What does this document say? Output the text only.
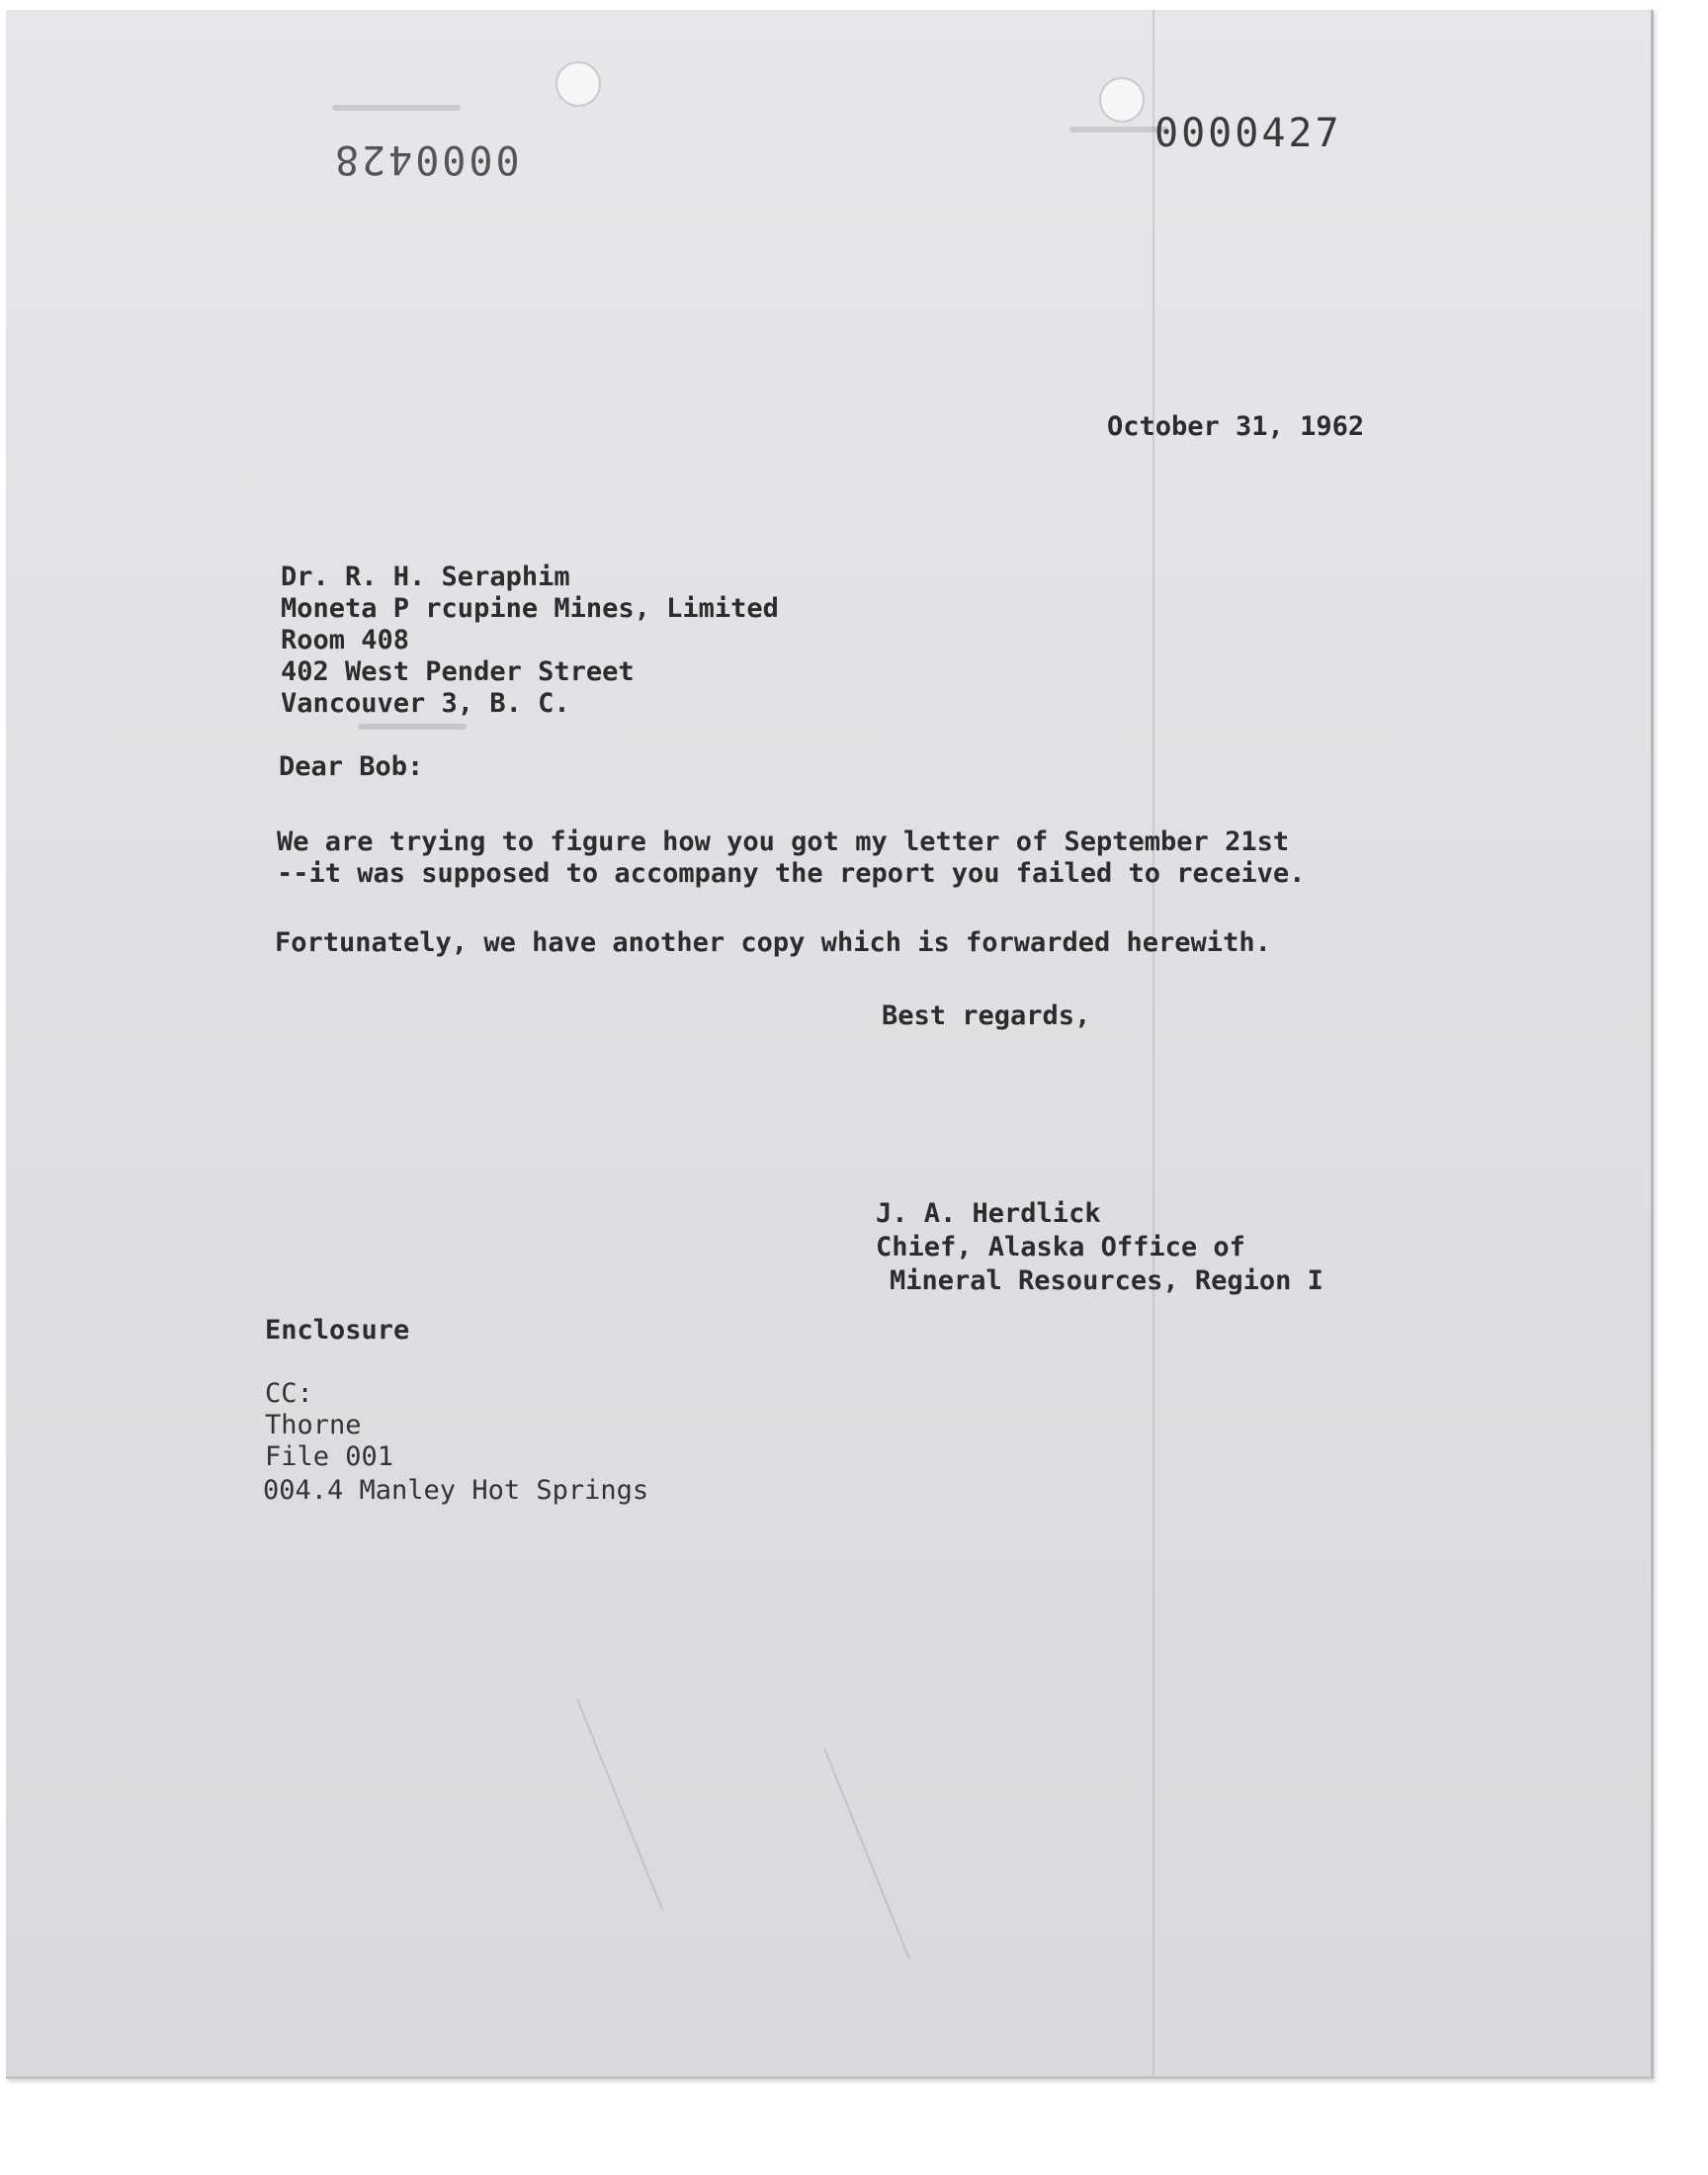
0000428
0000427
October 31, 1962
Dr. R. H. Seraphim
Moneta P rcupine Mines, Limited
Room 408
402 West Pender Street
Vancouver 3, B. C.
Dear Bob:
We are trying to figure how you got my letter of September 21st
--it was supposed to accompany the report you failed to receive.
Fortunately, we have another copy which is forwarded herewith.
Best regards,
J. A. Herdlick
Chief, Alaska Office of
Mineral Resources, Region I
Enclosure
CC:
Thorne
File 001
004.4 Manley Hot Springs
